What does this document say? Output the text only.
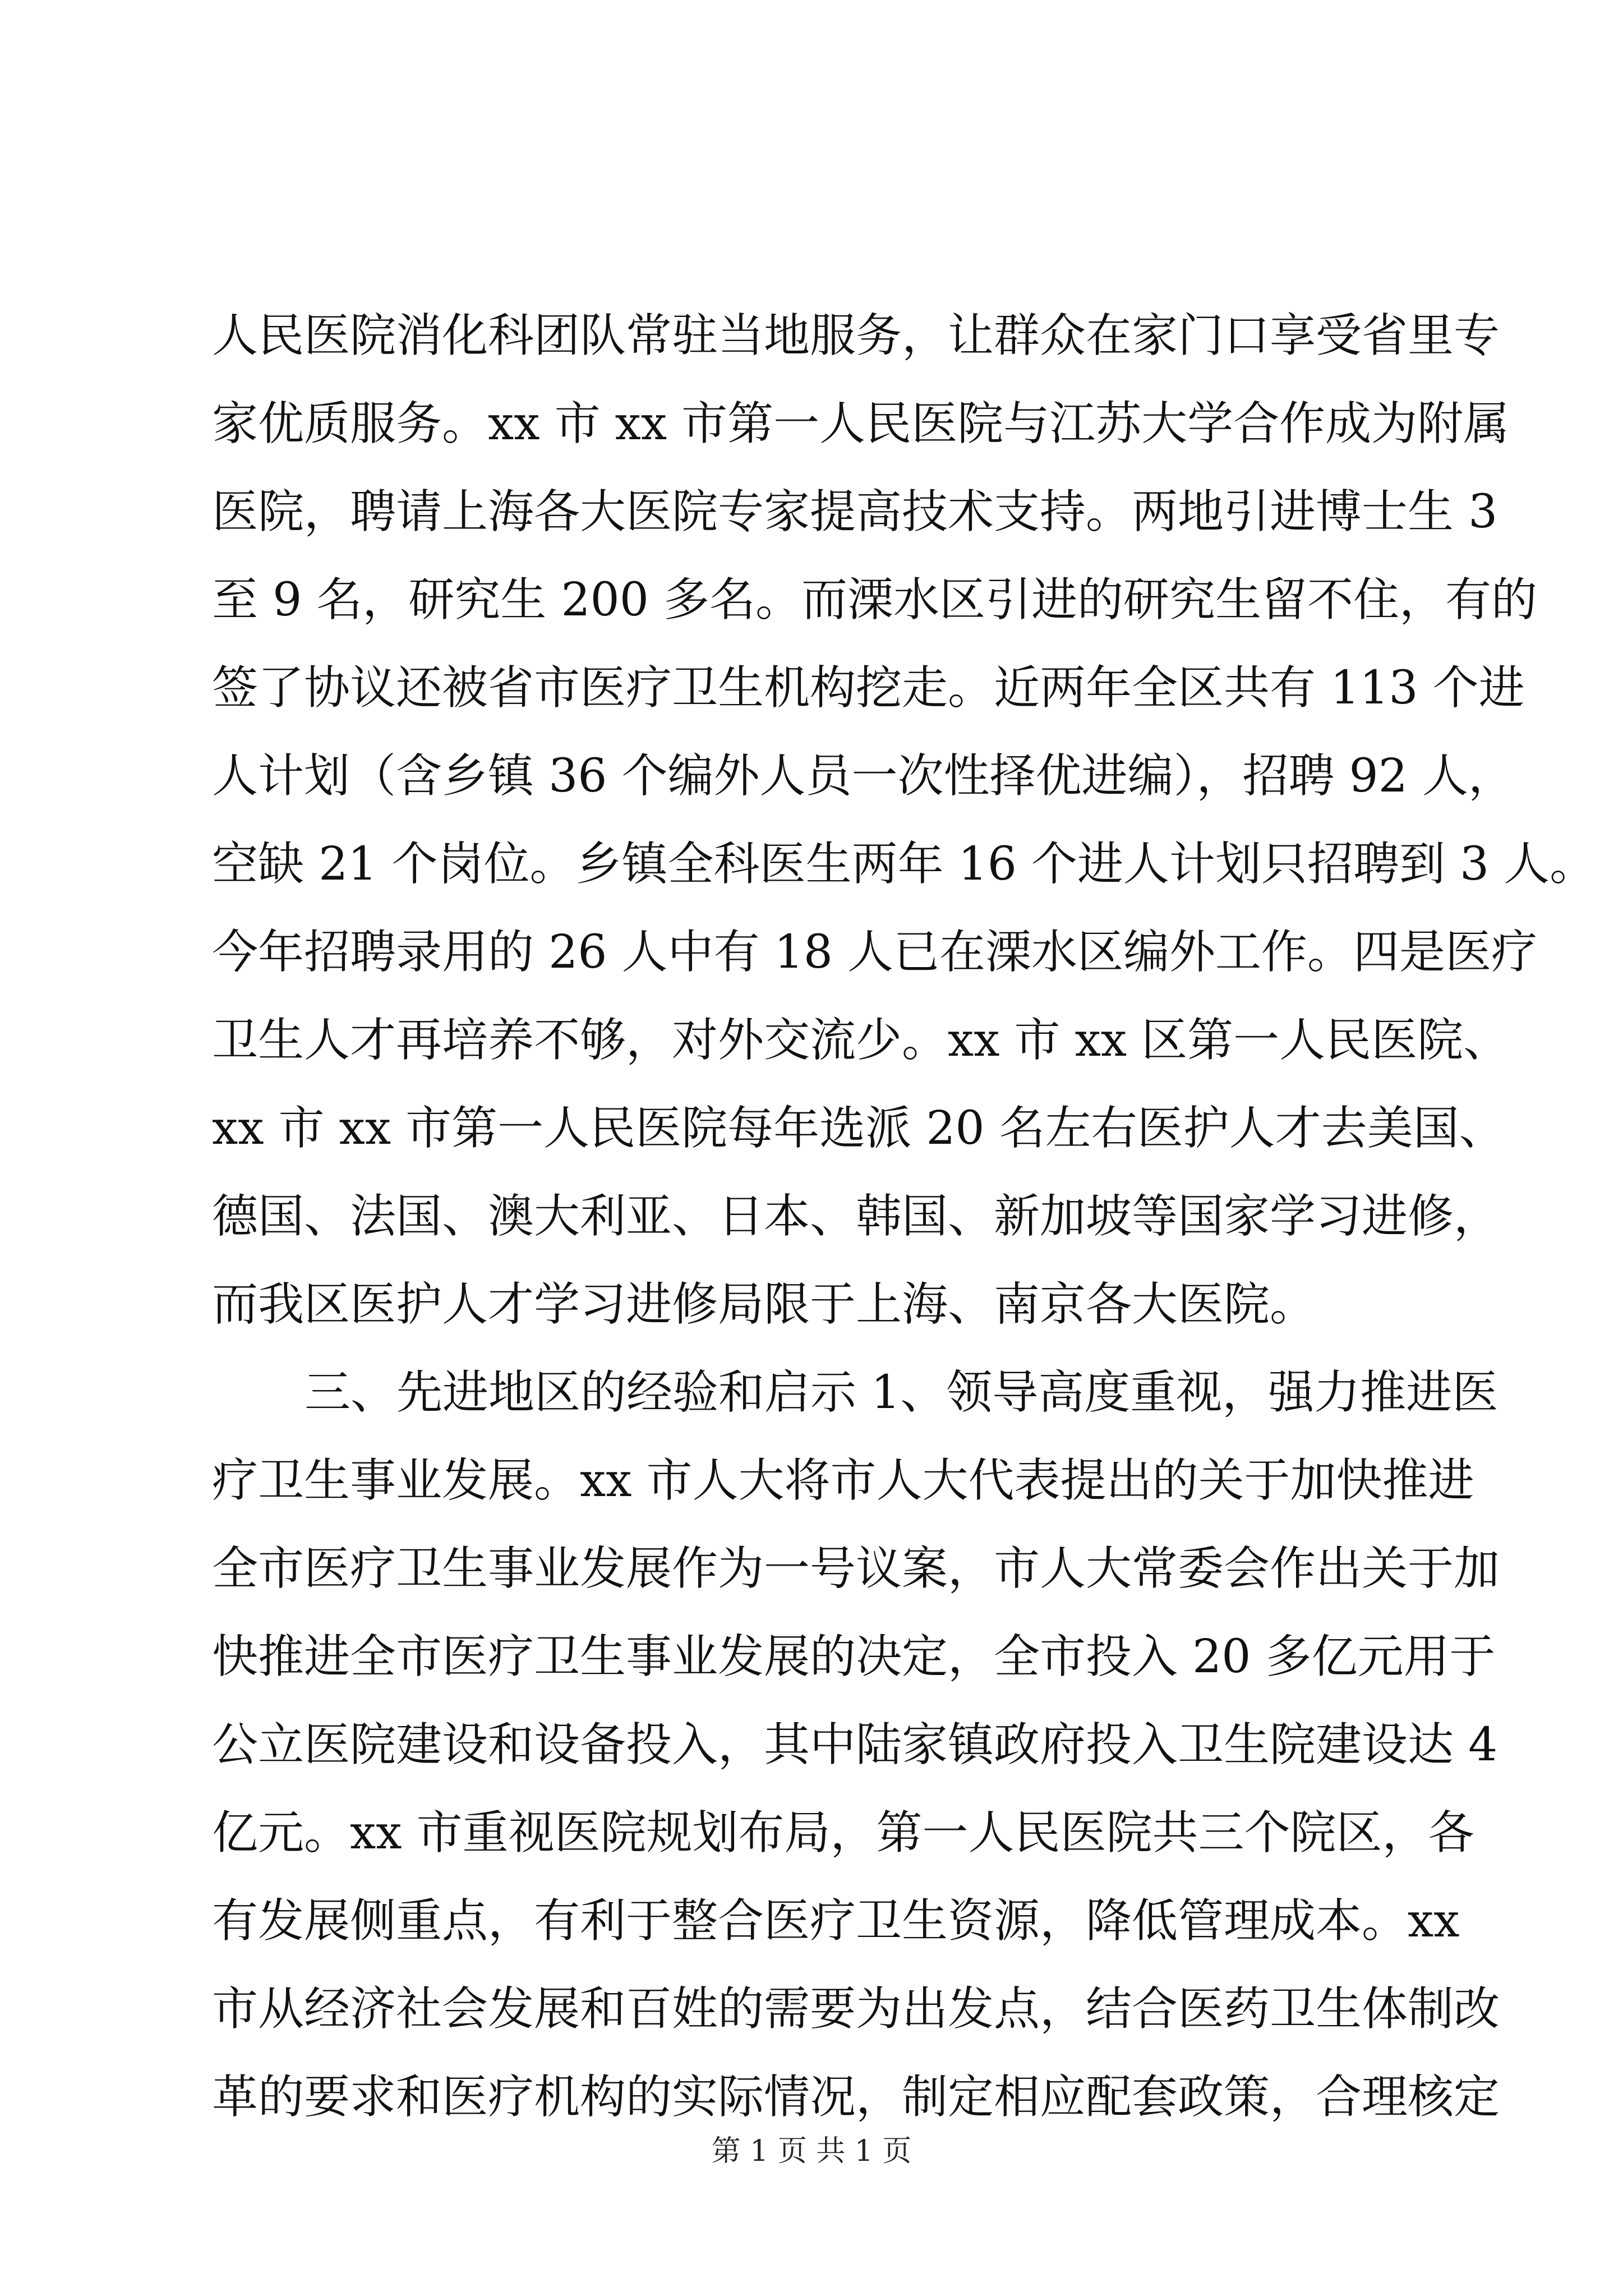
人民医院消化科团队常驻当地服务，让群众在家门口享受省里专
家优质服务。xx 市 xx 市第一人民医院与江苏大学合作成为附属
医院，聘请上海各大医院专家提高技术支持。两地引进博士生 3
至 9 名，研究生 200 多名。而溧水区引进的研究生留不住，有的
签了协议还被省市医疗卫生机构挖走。近两年全区共有 113 个进
人计划（含乡镇 36 个编外人员一次性择优进编），招聘 92 人，
空缺 21 个岗位。乡镇全科医生两年 16 个进人计划只招聘到 3 人。
今年招聘录用的 26 人中有 18 人已在溧水区编外工作。四是医疗
卫生人才再培养不够，对外交流少。xx 市 xx 区第一人民医院、
xx 市 xx 市第一人民医院每年选派 20 名左右医护人才去美国、
德国、法国、澳大利亚、日本、韩国、新加坡等国家学习进修，
而我区医护人才学习进修局限于上海、南京各大医院。
三、先进地区的经验和启示 1、领导高度重视，强力推进医
疗卫生事业发展。xx 市人大将市人大代表提出的关于加快推进
全市医疗卫生事业发展作为一号议案，市人大常委会作出关于加
快推进全市医疗卫生事业发展的决定，全市投入 20 多亿元用于
公立医院建设和设备投入，其中陆家镇政府投入卫生院建设达 4
亿元。xx 市重视医院规划布局，第一人民医院共三个院区，各
有发展侧重点，有利于整合医疗卫生资源，降低管理成本。xx
市从经济社会发展和百姓的需要为出发点，结合医药卫生体制改
革的要求和医疗机构的实际情况，制定相应配套政策，合理核定
第 1 页 共 1 页
